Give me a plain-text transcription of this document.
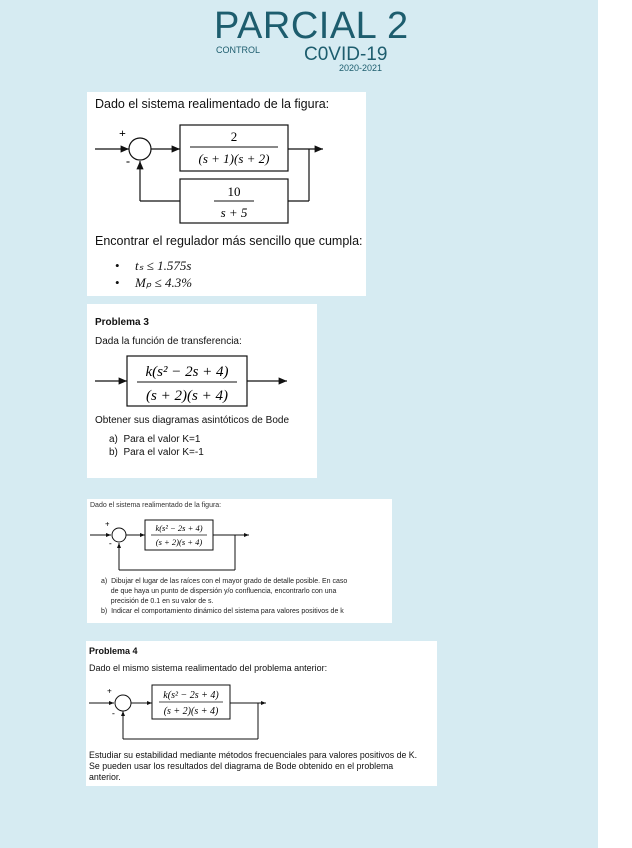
PARCIAL 2
CONTROL C0VID-19
2020-2021
Dado el sistema realimentado de la figura:
+
-
2
(s + 1)(s + 2)
10
s + 5
Encontrar el regulador más sencillo que cumpla:
• tₛ ≤ 1.575s
• Mₚ ≤ 4.3%
Problema 3
Dada la función de transferencia:
k(s² − 2s + 4)
(s + 2)(s + 4)
Obtener sus diagramas asintóticos de Bode
a)  Para el valor K=1
b)  Para el valor K=-1
Dado el sistema realimentado de la figura:
+
-
k(s² − 2s + 4)
(s + 2)(s + 4)
a)  Dibujar el lugar de las raíces con el mayor grado de detalle posible. En caso
de que haya un punto de dispersión y/o confluencia, encontrarlo con una
precisión de 0.1 en su valor de s.
b)  Indicar el comportamiento dinámico del sistema para valores positivos de k
Problema 4
Dado el mismo sistema realimentado del problema anterior:
+
-
k(s² − 2s + 4)
(s + 2)(s + 4)
Estudiar su estabilidad mediante métodos frecuenciales para valores positivos de K.
Se pueden usar los resultados del diagrama de Bode obtenido en el problema
anterior.
